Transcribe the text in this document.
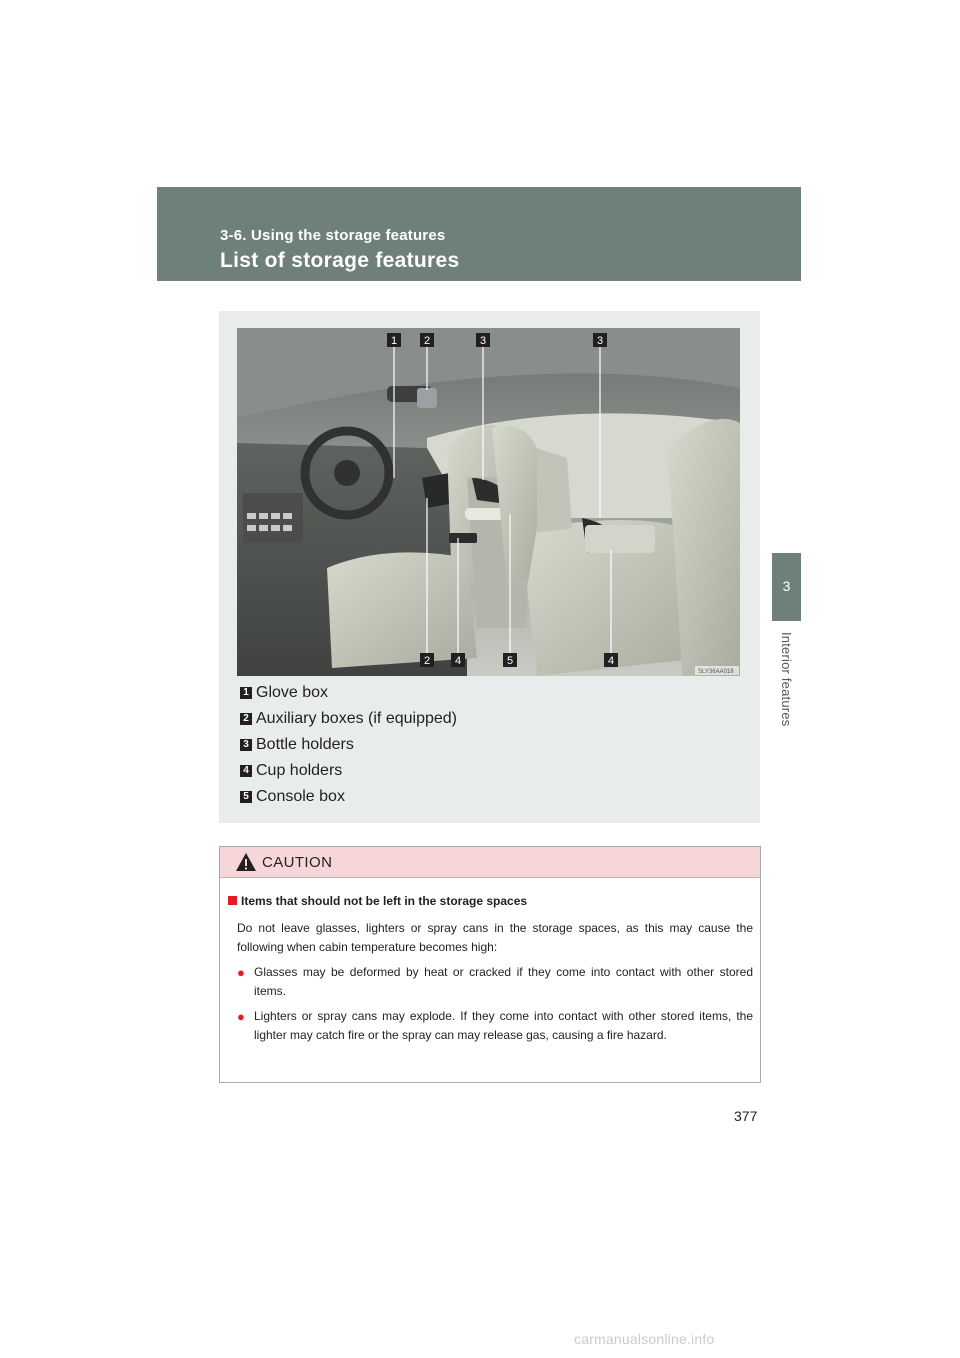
3-6. Using the storage features
List of storage features
3
Interior features
1 2	3	3
2 4	5	4
SLY36AA018
1 Glove box
2 Auxiliary boxes (if equipped)
3 Bottle holders
4 Cup holders
5 Console box
CAUTION
Items that should not be left in the storage spaces
Do not leave glasses, lighters or spray cans in the storage spaces, as this may cause the following when cabin temperature becomes high:
● Glasses may be deformed by heat or cracked if they come into contact with other stored items.
● Lighters or spray cans may explode. If they come into contact with other stored items, the lighter may catch fire or the spray can may release gas, causing a fire hazard.
377
carmanualsonline.info
